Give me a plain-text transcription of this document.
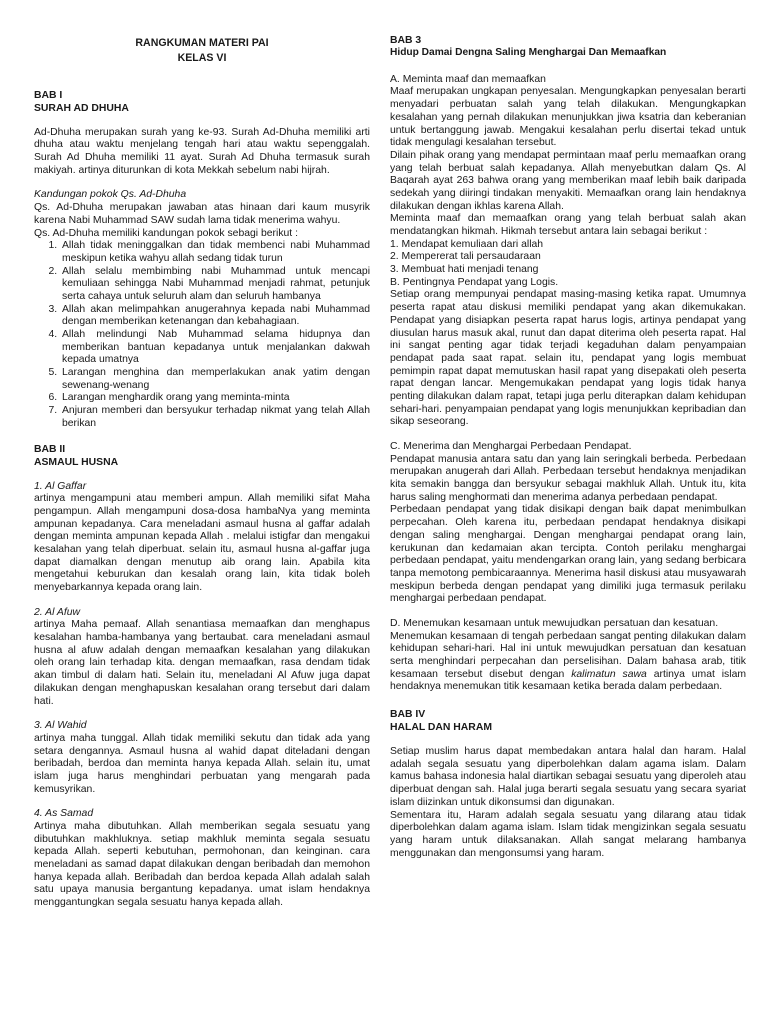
RANGKUMAN MATERI PAI
KELAS VI
BAB I
SURAH AD DHUHA

Ad-Dhuha merupakan surah yang ke-93. Surah Ad-Dhuha memiliki arti dhuha atau waktu menjelang tengah hari atau waktu sepenggalah. Surah Ad Dhuha memiliki 11 ayat. Surah Ad Dhuha termasuk surah makiyah. artinya diturunkan di kota Mekkah sebelum nabi hijrah.

Kandungan pokok Qs. Ad-Dhuha

Qs. Ad-Dhuha merupakan jawaban atas hinaan dari kaum musyrik karena Nabi Muhammad SAW sudah lama tidak menerima wahyu.

Qs. Ad-Dhuha memiliki kandungan pokok sebagi berikut :

1. Allah tidak meninggalkan dan tidak membenci nabi Muhammad meskipun ketika wahyu allah sedang tidak turun
2. Allah selalu membimbing nabi Muhammad untuk mencapi kemuliaan sehingga Nabi Muhammad menjadi rahmat, petunjuk serta cahaya untuk seluruh alam dan seluruh hambanya
3. Allah akan melimpahkan anugerahnya kepada nabi Muhammad dengan memberikan ketenangan dan kebahagiaan.
4. Allah melindungi Nab Muhammad selama hidupnya dan memberikan bantuan kepadanya untuk menjalankan dakwah kepada umatnya
5. Larangan menghina dan memperlakukan anak yatim dengan sewenang-wenang
6. Larangan menghardik orang yang meminta-minta
7. Anjuran memberi dan bersyukur terhadap nikmat yang telah Allah berikan
BAB II
ASMAUL HUSNA
1. Al Gaffar

artinya mengampuni atau memberi ampun. Allah memiliki sifat Maha pengampun. Allah mengampuni dosa-dosa hambaNya yang meminta ampunan kepadanya. Cara meneladani asmaul husna al gaffar adalah dengan meminta ampunan kepada Allah . melalui istigfar dan mengakui kesalahan yang telah diperbuat. selain itu, asmaul husna al-gaffar juga dapat diamalkan dengan menutup aib orang lain. Apabila kita mengetahui keburukan dan kesalah orang lain, kita tidak boleh menyebarkannya kepada orang lain.

2. Al Afuw

artinya Maha pemaaf. Allah senantiasa memaafkan dan menghapus kesalahan hamba-hambanya yang bertaubat. cara meneladani asmaul husna al afuw adalah dengan memaafkan kesalahan yang dilakukan oleh orang lain terhadap kita. dengan memaafkan, rasa dendam tidak akan timbul di dalam hati. Selain itu, meneladani Al Afuw juga dapat dilakukan dengan menghapuskan kesalahan orang tersebut dari dalam hati.

3. Al Wahid

artinya maha tunggal. Allah tidak memiliki sekutu dan tidak ada yang setara dengannya. Asmaul husna al wahid dapat diteladani dengan beribadah, berdoa dan meminta hanya kepada Allah. selain itu, umat islam juga harus menghindari perbuatan yang mengarah pada kemusyrikan.

4. As Samad

Artinya maha dibutuhkan. Allah memberikan segala sesuatu yang dibutuhkan makhluknya. setiap makhluk meminta segala sesuatu kepada Allah. seperti kebutuhan, permohonan, dan keinginan. cara meneladani as samad dapat dilakukan dengan beribadah dan memohon hanya kepada allah. Beribadah dan berdoa kepada Allah adalah salah satu upaya manusia bergantung kepadanya. umat islam hendaknya menggantungkan segala sesuatu hanya kepada allah.

BAB 3
Hidup Damai Dengna Saling Menghargai Dan Memaafkan
A. Meminta maaf dan memaafkan

Maaf merupakan ungkapan penyesalan. Mengungkapkan penyesalan berarti menyadari perbuatan salah yang telah dilakukan. Mengungkapkan kesalahan yang pernah dilakukan menunjukkan jiwa ksatria dan keberanian untuk bertanggung jawab. Mengakui kesalahan perlu disertai tekad untuk tidak mengulagi kesalahan tersebut.

Dilain pihak orang yang mendapat permintaan maaf perlu memaafkan orang yang telah berbuat salah kepadanya. Allah menyebutkan dalam Qs. Al Baqarah ayat 263 bahwa orang yang memberikan maaf lebih baik daripada sedekah yang diiringi tindakan menyakiti. Memaafkan orang lain hendaknya dilakukan dengan ikhlas karena Allah.

Meminta maaf dan memaafkan orang yang telah berbuat salah akan mendatangkan hikmah. Hikmah tersebut antara lain sebagai berikut :

1. Mendapat kemuliaan dari allah
2. Mempererat tali persaudaraan
3. Membuat hati menjadi tenang
B. Pentingnya Pendapat yang Logis.

Setiap orang mempunyai pendapat masing-masing ketika rapat. Umumnya peserta rapat atau diskusi memiliki pendapat yang akan dikemukakan. Pendapat yang disiapkan peserta rapat harus logis, artinya pendapat yang diusulan harus masuk akal, runut dan dapat diterima oleh peserta rapat. Hal ini sangat penting agar tidak terjadi kegaduhan dalam penyampaian pendapat pada saat rapat. selain itu, pendapat yang logis membuat pemimpin rapat dapat memutuskan hasil rapat yang disepakati oleh peserta rapat dengan lancar. Mengemukakan pendapat yang logis tidak hanya penting dilakukan dalam rapat, tetapi juga perlu diterapkan dalam kehidupan sehari-hari. penyampaian pendapat yang logis menunjukkan kepribadian dan sikap seseorang.

C. Menerima dan Menghargai Perbedaan Pendapat.

Pendapat manusia antara satu dan yang lain seringkali berbeda. Perbedaan merupakan anugerah dari Allah. Perbedaan tersebut hendaknya menjadikan kita semakin bangga dan bersyukur sebagai makhluk Allah. Untuk itu, kita harus saling menghormati dan menerima adanya perbedaan pendapat.

Perbedaan pendapat yang tidak disikapi dengan baik dapat menimbulkan perpecahan. Oleh karena itu, perbedaan pendapat hendaknya disikapi dengan saling menghargai. Dengan menghargai pendapat orang lain, kerukunan dan kedamaian akan tercipta. Contoh perilaku menghargai perbedaan pendapat, yaitu mendengarkan orang lain, yang sedang berbicara tanpa memotong pembicaraannya. Menerima hasil diskusi atau musyawarah meskipun berbeda dengan pendapat yang dimiliki juga termasuk perilaku menghargai perbedaan pendapat.

D. Menemukan kesamaan untuk mewujudkan persatuan dan kesatuan.

Menemukan kesamaan di tengah perbedaan sangat penting dilakukan dalam kehidupan sehari-hari. Hal ini untuk mewujudkan persatuan dan kesatuan serta menghindari perpecahan dan perselisihan. Dalam bahasa arab, titik kesamaan tersebut disebut dengan kalimatun sawa artinya umat islam hendaknya menemukan titik kesamaan ketika berada dalam perbedaan.

BAB IV
HALAL DAN HARAM

Setiap muslim harus dapat membedakan antara halal dan haram. Halal adalah segala sesuatu yang diperbolehkan dalam agama islam. Dalam kamus bahasa indonesia halal diartikan sebagai sesuatu yang diperoleh atau diperbuat dengan sah. Halal juga berarti segala sesuatu yang secara syariat islam diizinkan untuk dikonsumsi dan digunakan.

Sementara itu, Haram adalah segala sesuatu yang dilarang atau tidak diperbolehkan dalam agama islam. Islam tidak mengizinkan segala sesuatu yang haram untuk dilaksanakan. Allah sangat melarang hambanya menggunakan dan mengonsumsi yang haram.
